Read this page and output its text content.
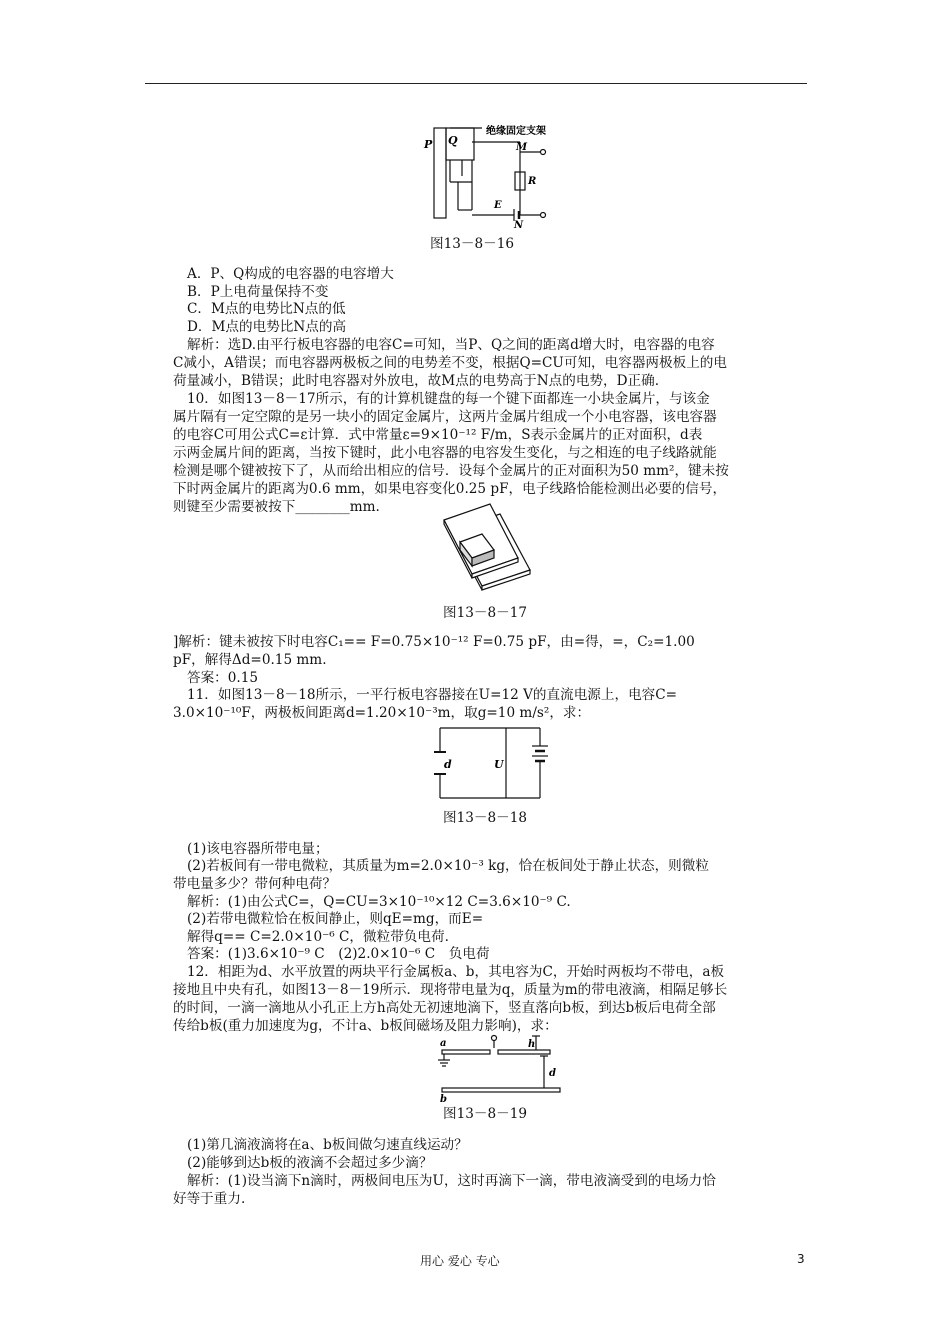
P Q
绝缘固定支架
M
R
E
N
图13－8－16
A．P、Q构成的电容器的电容增大
B．P上电荷量保持不变
C．M点的电势比N点的低
D．M点的电势比N点的高
解析：选D.由平行板电容器的电容C=可知，当P、Q之间的距离d增大时，电容器的电容
C减小，A错误；而电容器两极板之间的电势差不变，根据Q=CU可知，电容器两极板上的电
荷量减小，B错误；此时电容器对外放电，故M点的电势高于N点的电势，D正确.
10．如图13－8－17所示，有的计算机键盘的每一个键下面都连一小块金属片，与该金
属片隔有一定空隙的是另一块小的固定金属片，这两片金属片组成一个小电容器，该电容器
的电容C可用公式C=ε计算．式中常量ε=9×10⁻¹² F/m，S表示金属片的正对面积，d表
示两金属片间的距离，当按下键时，此小电容器的电容发生变化，与之相连的电子线路就能
检测是哪个键被按下了，从而给出相应的信号．设每个金属片的正对面积为50 mm²，键未按
下时两金属片的距离为0.6 mm，如果电容变化0.25 pF，电子线路恰能检测出必要的信号，
则键至少需要被按下________mm.
图13－8－17
]解析：键未被按下时电容C₁== F=0.75×10⁻¹² F=0.75 pF，由=得，=，C₂=1.00
pF，解得Δd=0.15 mm.
答案：0.15
11．如图13－8－18所示，一平行板电容器接在U=12 V的直流电源上，电容C=
3.0×10⁻¹⁰F，两极板间距离d=1.20×10⁻³m，取g=10 m/s²，求：
d	U
图13－8－18
(1)该电容器所带电量；
(2)若板间有一带电微粒，其质量为m=2.0×10⁻³ kg，恰在板间处于静止状态，则微粒
带电量多少？带何种电荷？
解析：(1)由公式C=，Q=CU=3×10⁻¹⁰×12 C=3.6×10⁻⁹ C.
(2)若带电微粒恰在板间静止，则qE=mg，而E=
解得q== C=2.0×10⁻⁶ C，微粒带负电荷.
答案：(1)3.6×10⁻⁹ C　(2)2.0×10⁻⁶ C　负电荷
12．相距为d、水平放置的两块平行金属板a、b，其电容为C，开始时两板均不带电，a板
接地且中央有孔，如图13－8－19所示．现将带电量为q，质量为m的带电液滴，相隔足够长
的时间，一滴一滴地从小孔正上方h高处无初速地滴下，竖直落向b板，到达b板后电荷全部
传给b板(重力加速度为g，不计a、b板间磁场及阻力影响)，求：
a
b
h
d
图13－8－19
(1)第几滴液滴将在a、b板间做匀速直线运动？
(2)能够到达b板的液滴不会超过多少滴？
解析：(1)设当滴下n滴时，两极间电压为U，这时再滴下一滴，带电液滴受到的电场力恰
好等于重力.
用心 爱心 专心	3
